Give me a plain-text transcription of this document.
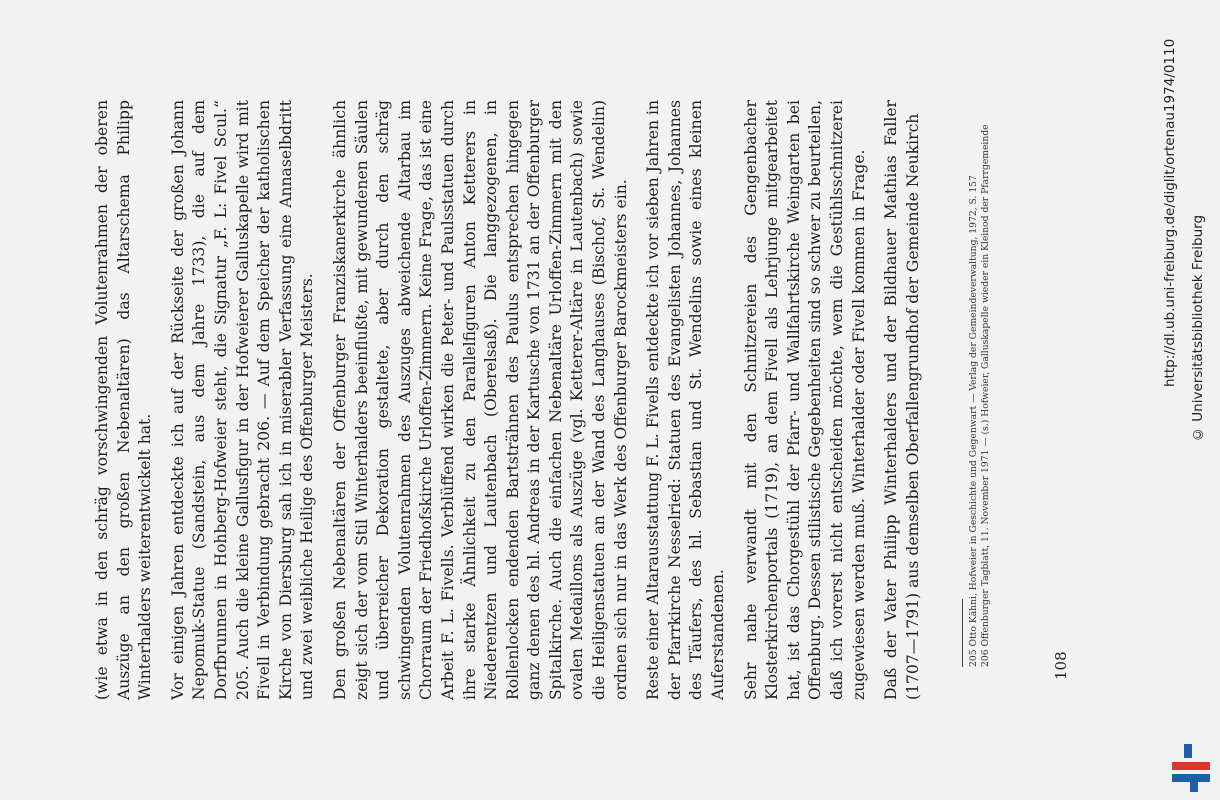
(wie etwa in den schräg vorschwingenden Volutenrahmen der oberen Auszüge an den großen Nebenaltären) das Altarschema Philipp Winterhalders weiterentwickelt hat. Vor einigen Jahren entdeckte ich auf der Rückseite der großen Johann Nepomuk-Statue (Sandstein, aus dem Jahre 1733), die auf dem Dorfbrunnen in Hohberg-Hofweier steht, die Signatur „F. L: Fivel Scul.“ 205. Auch die kleine Gallusfigur in der Hofweierer Galluskapelle wird mit Fivell in Verbindung gebracht 206. — Auf dem Speicher der katholischen Kirche von Diersburg sah ich in miserabler Verfassung eine Annaselbdritt und zwei weibliche Heilige des Offenburger Meisters. Den großen Nebenaltären der Offenburger Franziskanerkirche ähnlich zeigt sich der vom Stil Winterhalders beeinflußte, mit gewundenen Säulen und überreicher Dekoration gestaltete, aber durch den schräg schwingenden Volutenrahmen des Auszuges abweichende Altarbau im Chorraum der Friedhofskirche Urloffen-Zimmern. Keine Frage, das ist eine Arbeit F. L. Fivells. Verblüffend wirken die Peter- und Paulsstatuen durch ihre starke Ähnlichkeit zu den Parallelfiguren Anton Ketterers in Niederentzen und Lautenbach (Oberelsaß). Die langgezogenen, in Rollenlocken endenden Bartsträhnen des Paulus entsprechen hingegen ganz denen des hl. Andreas in der Kartusche von 1731 an der Offenburger Spitalkirche. Auch die einfachen Nebenaltäre Urloffen-Zimmern mit den ovalen Medaillons als Auszüge (vgl. Ketterer-Altäre in Lautenbach) sowie die Heiligenstatuen an der Wand des Langhauses (Bischof, St. Wendelin) ordnen sich nur in das Werk des Offenburger Barockmeisters ein. Reste einer Altarausstattung F. L. Fivells entdeckte ich vor sieben Jahren in der Pfarrkirche Nesselried: Statuen des Evangelisten Johannes, Johannes des Täufers, des hl. Sebastian und St. Wendelins sowie eines kleinen Auferstandenen. Sehr nahe verwandt mit den Schnitzereien des Gengenbacher Klosterkirchenportals (1719), an dem Fivell als Lehrjunge mitgearbeitet hat, ist das Chorgestühl der Pfarr- und Wallfahrtskirche Weingarten bei Offenburg. Dessen stilistische Gegebenheiten sind so schwer zu beurteilen, daß ich vorerst nicht entscheiden möchte, wem die Gestühlsschnitzerei zugewiesen werden muß. Winterhalder oder Fivell kommen in Frage. Daß der Vater Philipp Winterhalders und der Bildhauer Mathias Faller (1707—1791) aus demselben Oberfallengrundhof der Gemeinde Neukirch	205 Otto Kähni, Hofweier in Geschichte und Gegenwart — Verlag der Gemeindeverwaltung, 1972, S. 157 206 Offenburger Tagblatt, 11. November 1971 — (s.) Hofweier, Galluskapelle wieder ein Kleinod der Pfarrgemeinde	108
http://dl.ub.uni-freiburg.de/diglit/ortenau1974/0110 © Universitätsbibliothek Freiburg
